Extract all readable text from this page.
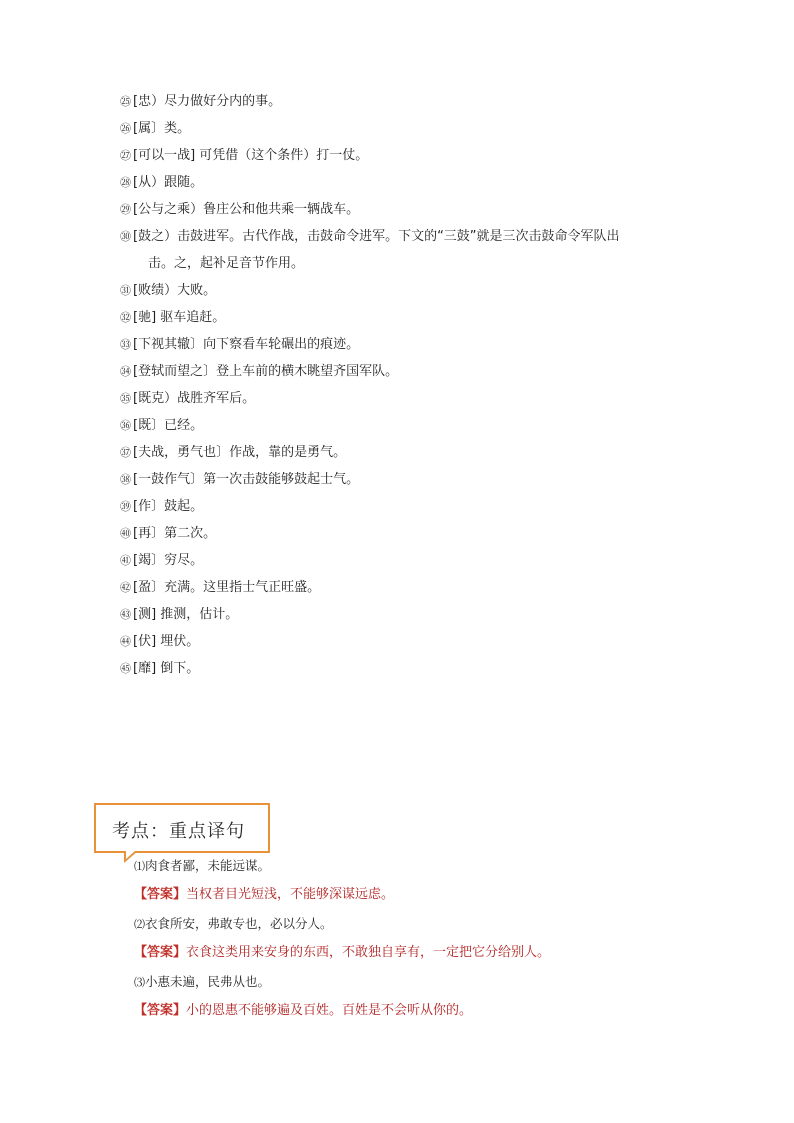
㉕ [忠）尽力做好分内的事。

㉖ [属〕类。

㉗ [可以一战] 可凭借（这个条件）打一仗。

㉘ [从）跟随。

㉙ [公与之乘）鲁庄公和他共乘一辆战车。

㉚ [鼓之）击鼓进军。古代作战，击鼓命令进军。下文的“三鼓”就是三次击鼓命令军队出
击。之，起补足音节作用。

㉛ [败绩）大败。

㉜ [驰] 驱车追赶。

㉝ [下视其辙〕向下察看车轮碾出的痕迹。

㉞ [登轼而望之〕登上车前的横木眺望齐国军队。

㉟ [既克）战胜齐军后。

㊱ [既〕已经。

㊲ [夫战，勇气也〕作战，靠的是勇气。

㊳ [一鼓作气〕第一次击鼓能够鼓起士气。

㊴ [作〕鼓起。

㊵ [再〕第二次。

㊶ [竭〕穷尽。

㊷ [盈〕充满。这里指士气正旺盛。

㊸ [测] 推测，估计。

㊹ [伏] 埋伏。

㊺ [靡] 倒下。

考点：重点译句

⑴肉食者鄙，未能远谋。

【答案】当权者目光短浅，不能够深谋远虑。

⑵衣食所安，弗敢专也，必以分人。

【答案】衣食这类用来安身的东西，不敢独自享有，一定把它分给别人。

⑶小惠未遍，民弗从也。

【答案】小的恩惠不能够遍及百姓。百姓是不会听从你的。
